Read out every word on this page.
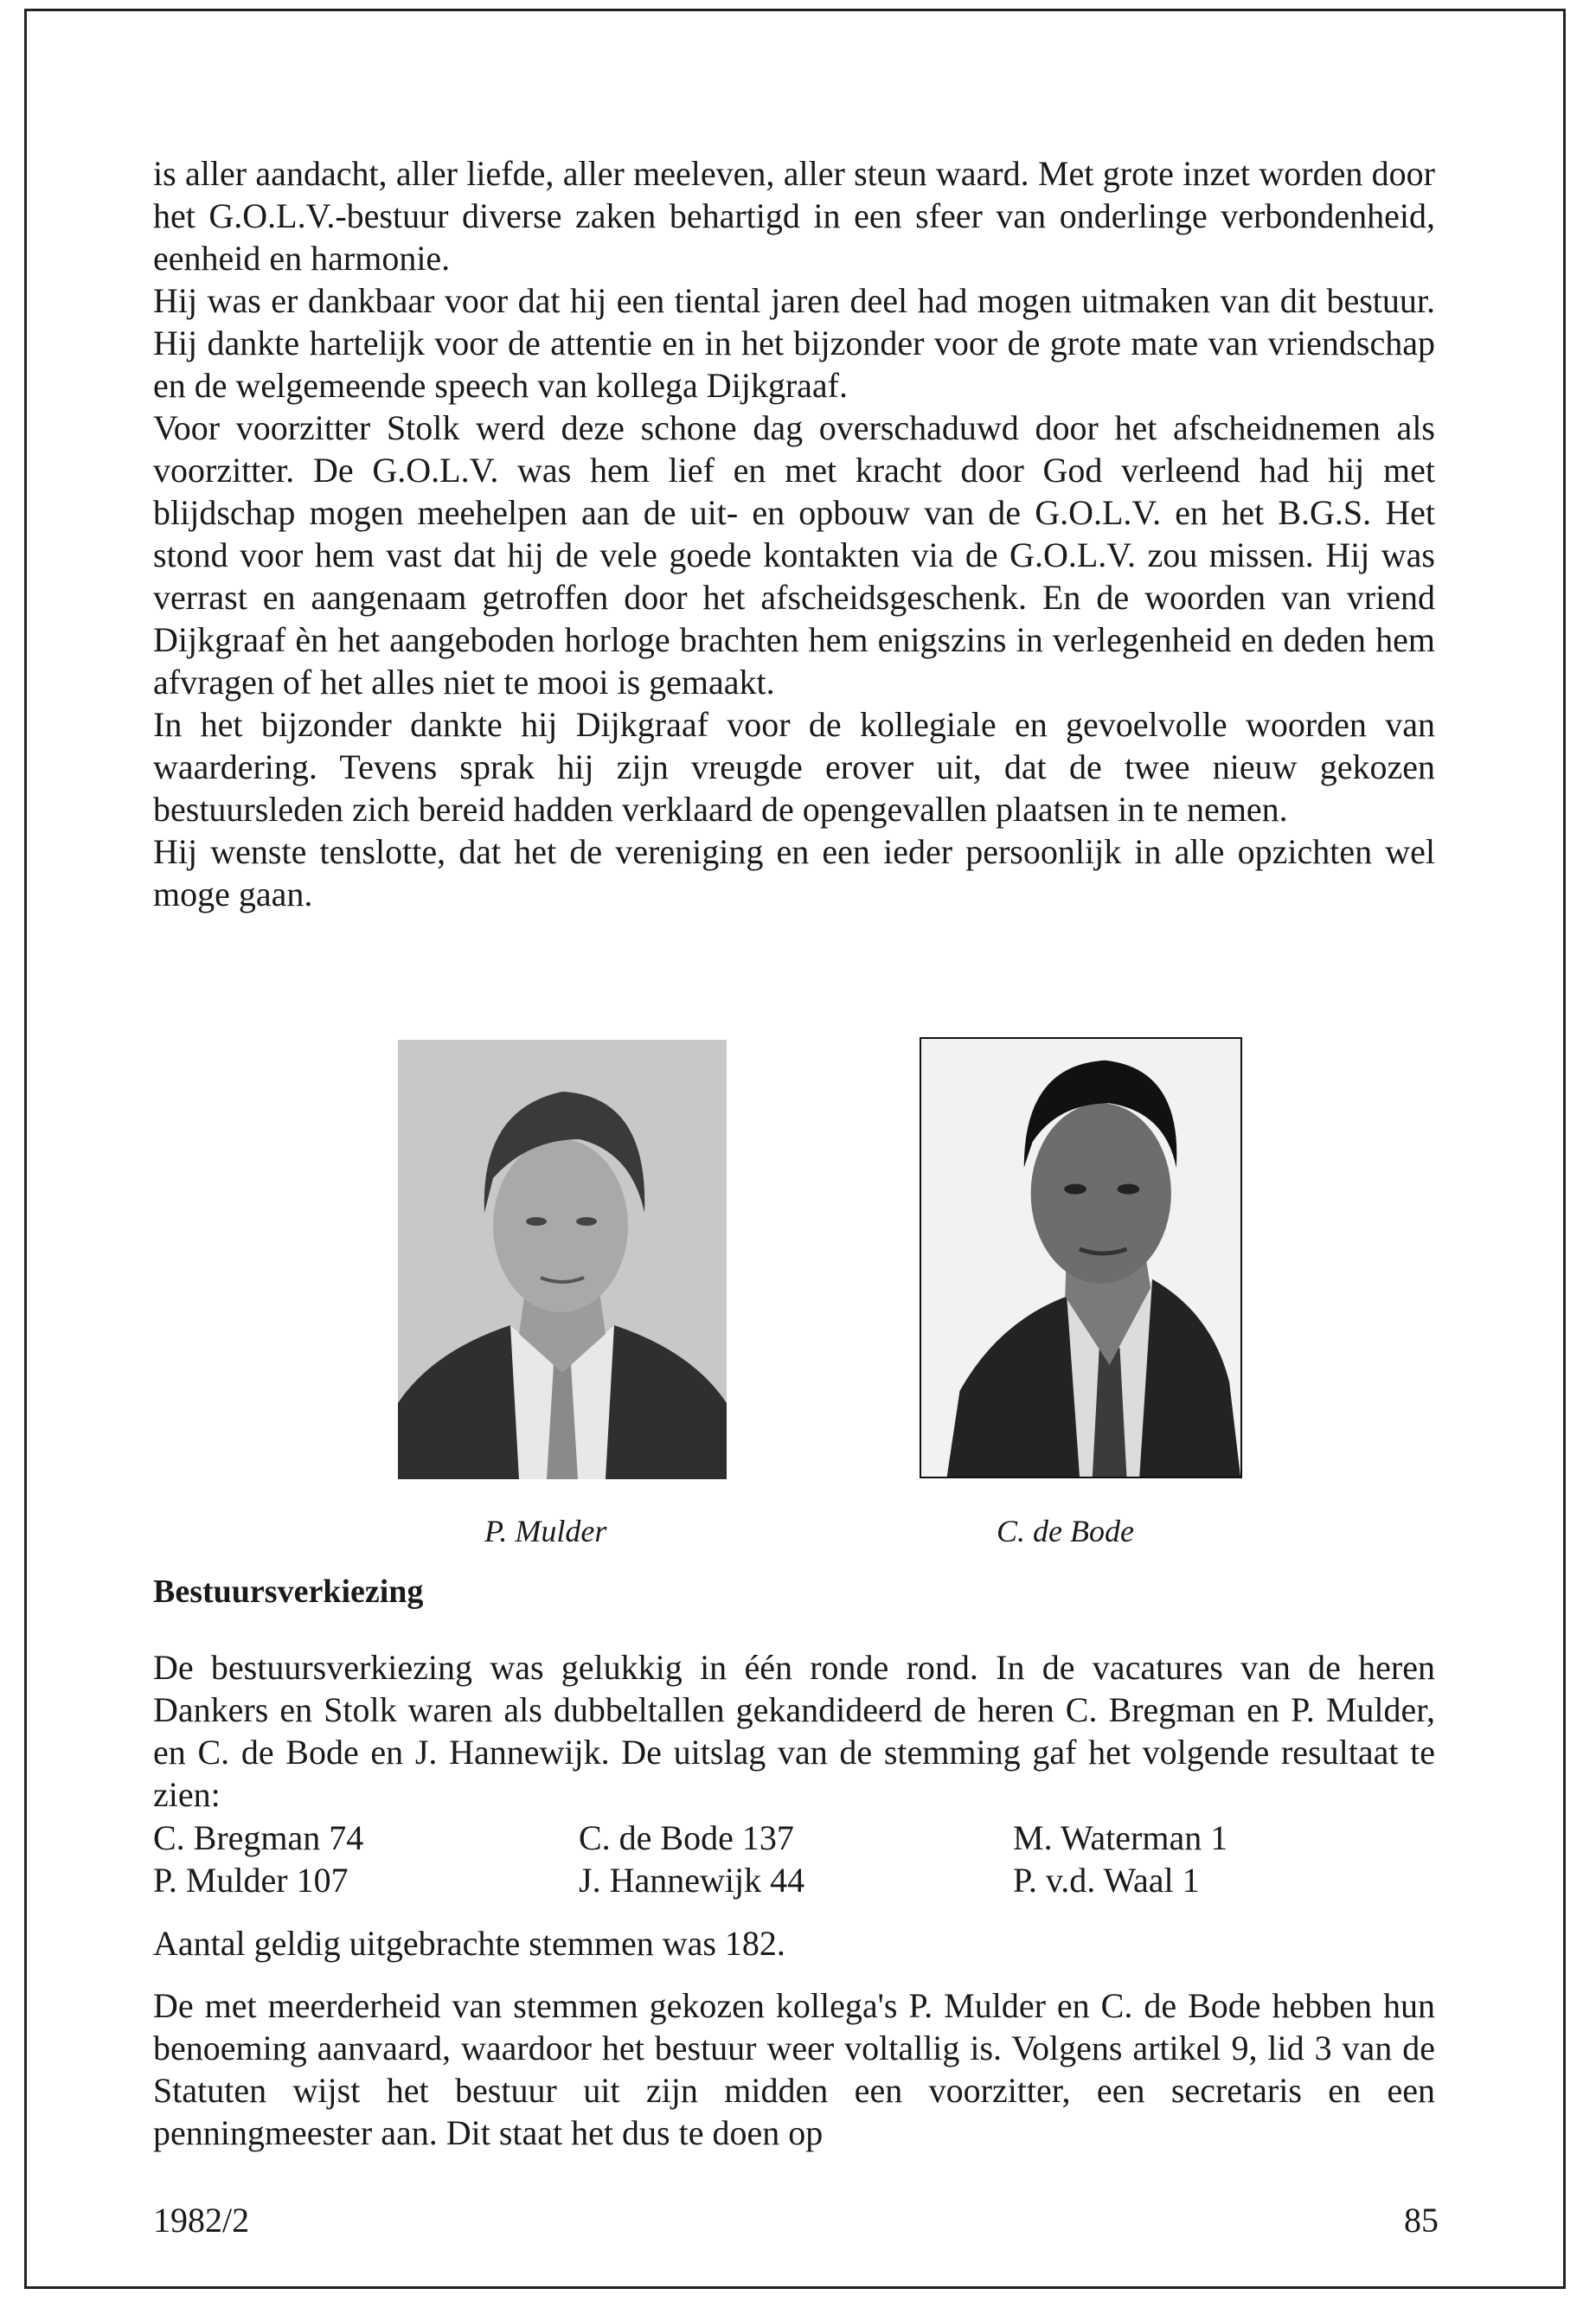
is aller aandacht, aller liefde, aller meeleven, aller steun waard. Met grote inzet worden door het G.O.L.V.-bestuur diverse zaken behartigd in een sfeer van onderlinge verbondenheid, eenheid en harmonie.

Hij was er dankbaar voor dat hij een tiental jaren deel had mogen uitmaken van dit bestuur. Hij dankte hartelijk voor de attentie en in het bijzonder voor de grote mate van vriendschap en de welgemeende speech van kollega Dijkgraaf.

Voor voorzitter Stolk werd deze schone dag overschaduwd door het afscheidnemen als voorzitter. De G.O.L.V. was hem lief en met kracht door God verleend had hij met blijdschap mogen meehelpen aan de uit- en opbouw van de G.O.L.V. en het B.G.S. Het stond voor hem vast dat hij de vele goede kontakten via de G.O.L.V. zou missen. Hij was verrast en aangenaam getroffen door het afscheidsgeschenk. En de woorden van vriend Dijkgraaf èn het aangeboden horloge brachten hem enigszins in verlegenheid en deden hem afvragen of het alles niet te mooi is gemaakt.

In het bijzonder dankte hij Dijkgraaf voor de kollegiale en gevoelvolle woorden van waardering. Tevens sprak hij zijn vreugde erover uit, dat de twee nieuw gekozen bestuursleden zich bereid hadden verklaard de opengevallen plaatsen in te nemen.

Hij wenste tenslotte, dat het de vereniging en een ieder persoonlijk in alle opzichten wel moge gaan.

P. Mulder	C. de Bode
Bestuursverkiezing

De bestuursverkiezing was gelukkig in één ronde rond. In de vacatures van de heren Dankers en Stolk waren als dubbeltallen gekandideerd de heren C. Bregman en P. Mulder, en C. de Bode en J. Hannewijk. De uitslag van de stemming gaf het volgende resultaat te zien:

C. Bregman 74	C. de Bode 137	M. Waterman 1
P. Mulder 107	J. Hannewijk 44	P. v.d. Waal 1

Aantal geldig uitgebrachte stemmen was 182.

De met meerderheid van stemmen gekozen kollega's P. Mulder en C. de Bode hebben hun benoeming aanvaard, waardoor het bestuur weer voltallig is. Volgens artikel 9, lid 3 van de Statuten wijst het bestuur uit zijn midden een voorzitter, een secretaris en een penningmeester aan. Dit staat het dus te doen op

1982/2	85
